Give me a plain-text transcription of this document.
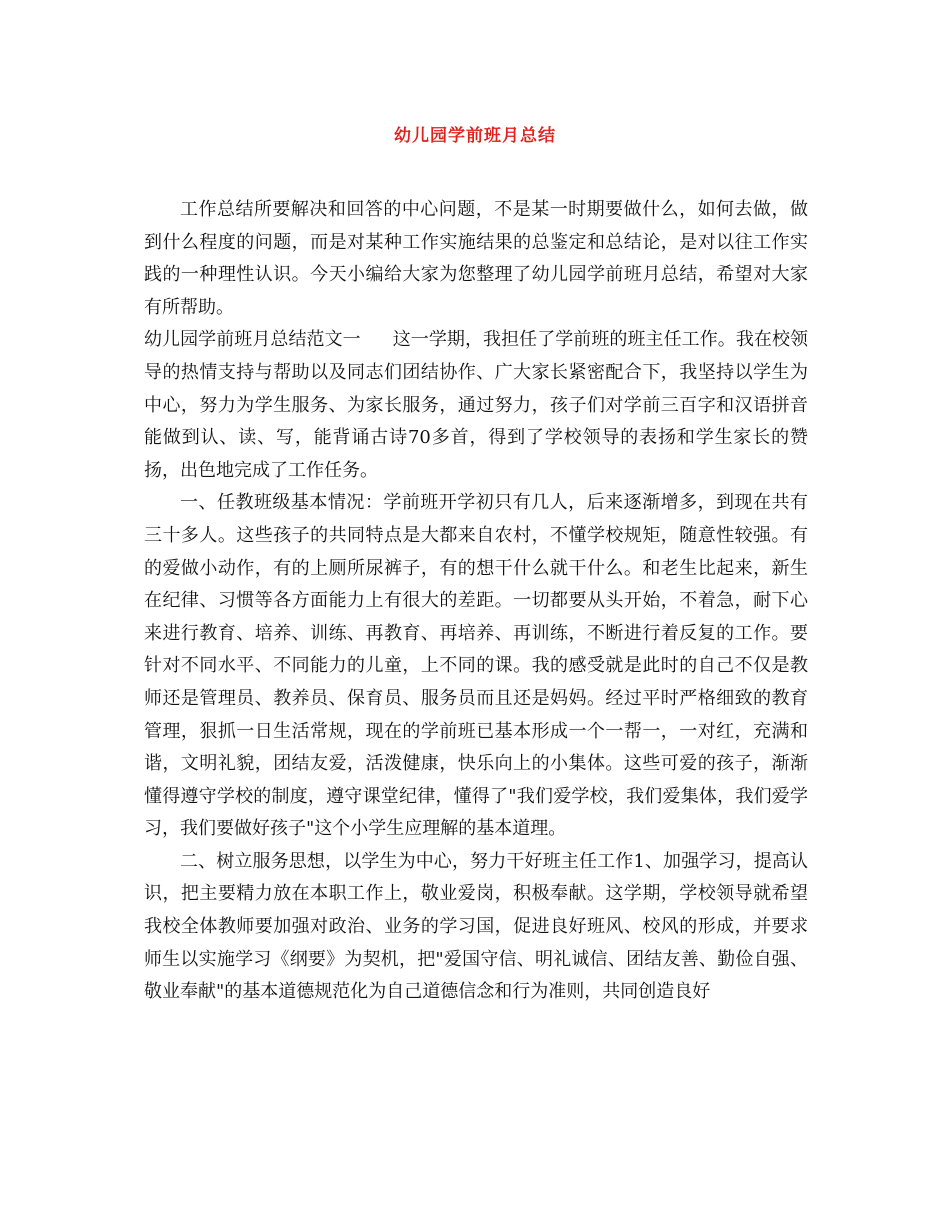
幼儿园学前班月总结

工作总结所要解决和回答的中心问题，不是某一时期要做什么，如何去做，做到什么程度的问题，而是对某种工作实施结果的总鉴定和总结论，是对以往工作实践的一种理性认识。今天小编给大家为您整理了幼儿园学前班月总结，希望对大家有所帮助。

幼儿园学前班月总结范文一 这一学期，我担任了学前班的班主任工作。我在校领导的热情支持与帮助以及同志们团结协作、广大家长紧密配合下，我坚持以学生为中心，努力为学生服务、为家长服务，通过努力，孩子们对学前三百字和汉语拼音能做到认、读、写，能背诵古诗70多首，得到了学校领导的表扬和学生家长的赞扬，出色地完成了工作任务。

一、任教班级基本情况：学前班开学初只有几人，后来逐渐增多，到现在共有三十多人。这些孩子的共同特点是大都来自农村，不懂学校规矩，随意性较强。有的爱做小动作，有的上厕所尿裤子，有的想干什么就干什么。和老生比起来，新生在纪律、习惯等各方面能力上有很大的差距。一切都要从头开始，不着急，耐下心来进行教育、培养、训练、再教育、再培养、再训练，不断进行着反复的工作。要针对不同水平、不同能力的儿童，上不同的课。我的感受就是此时的自己不仅是教师还是管理员、教养员、保育员、服务员而且还是妈妈。经过平时严格细致的教育管理，狠抓一日生活常规，现在的学前班已基本形成一个一帮一，一对红，充满和谐，文明礼貌，团结友爱，活泼健康，快乐向上的小集体。这些可爱的孩子，渐渐懂得遵守学校的制度，遵守课堂纪律，懂得了"我们爱学校，我们爱集体，我们爱学习，我们要做好孩子"这个小学生应理解的基本道理。

二、树立服务思想，以学生为中心，努力干好班主任工作1、加强学习，提高认识，把主要精力放在本职工作上，敬业爱岗，积极奉献。这学期，学校领导就希望我校全体教师要加强对政治、业务的学习国，促进良好班风、校风的形成，并要求师生以实施学习《纲要》为契机，把"爱国守信、明礼诚信、团结友善、勤俭自强、敬业奉献"的基本道德规范化为自己道德信念和行为准则，共同创造良好
